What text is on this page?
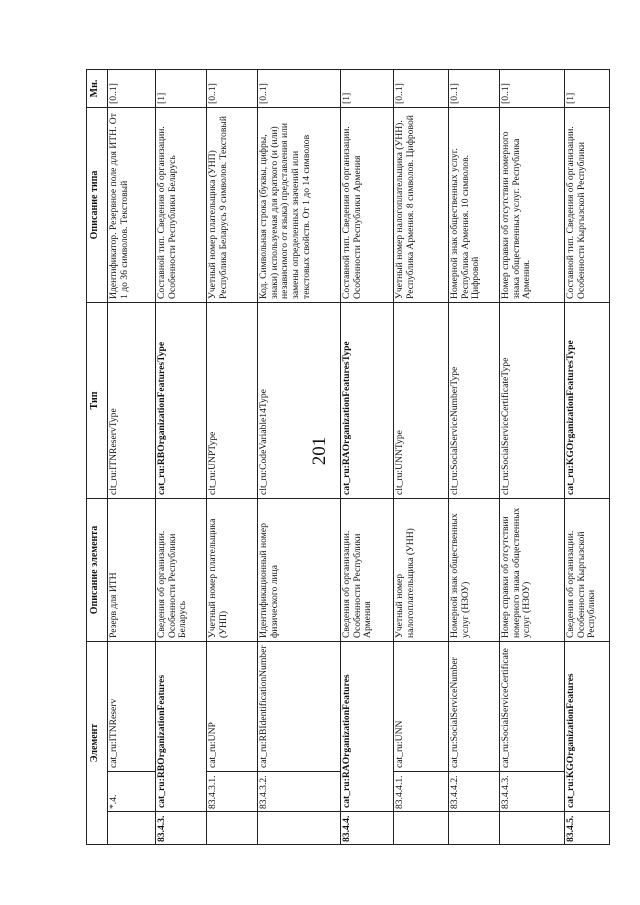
201
Элемент			Описание элемента	Тип	Описание типа	Мн.
	*.4.	cat_ru:ITNReserv	Резерв для ИТН	clt_ru:ITNReservType	Идентификатор. Резервное поле для ИТН. От 1 до 36 символов. Текстовый	[0..1]
83.4.3.	cat_ru:RBOrganizationFeatures		Сведения об организации. Особенности Республики Беларусь	cat_ru:RBOrganizationFeaturesType	Составной тип. Сведения об организации. Особенности Республики Беларусь	[1]
	83.4.3.1.	cat_ru:UNP	Учетный номер плательщика (УНП)	clt_ru:UNPType	Учетный номер плательщика (УНП) Республика Беларусь 9 символов. Текстовый	[0..1]
	83.4.3.2.	cat_ru:RBIdentificationNumber	Идентификационный номер физического лица	clt_ru:CodeVariable14Type	Код. Символьная строка (буквы, цифры, знаки) используемая для краткого (и (или) независимого от языка) представления или замены определенных значений или текстовых свойств. От 1 до 14 символов	[0..1]
83.4.4.	cat_ru:RAOrganizationFeatures		Сведения об организации. Особенности Республики Армения	cat_ru:RAOrganizationFeaturesType	Составной тип. Сведения об организации. Особенности Республики Армения	[1]
	83.4.4.1.	cat_ru:UNN	Учетный номер налогоплательщика (УНН)	clt_ru:UNNType	Учетный номер налогоплательщика (УНН). Республика Армения. 8 символов. Цифровой	[0..1]
	83.4.4.2.	cat_ru:SocialServiceNumber	Номерной знак общественных услуг (НЗОУ)	clt_ru:SocialServiceNumberType	Номерной знак общественных услуг. Республика Армения. 10 символов. Цифровой	[0..1]
	83.4.4.3.	cat_ru:SocialServiceCertificate	Номер справки об отсутствии номерного знака общественных услуг (НЗОУ)	clt_ru:SocialServiceCertificateType	Номер справки об отсутствии номерного знака общественных услуг. Республика Армения.	[0..1]
83.4.5.	cat_ru:KGOrganizationFeatures		Сведения об организации. Особенности Кыргызской Республики	cat_ru:KGOrganizationFeaturesType	Составной тип. Сведения об организации. Особенности Кыргызской Республики	[1]
